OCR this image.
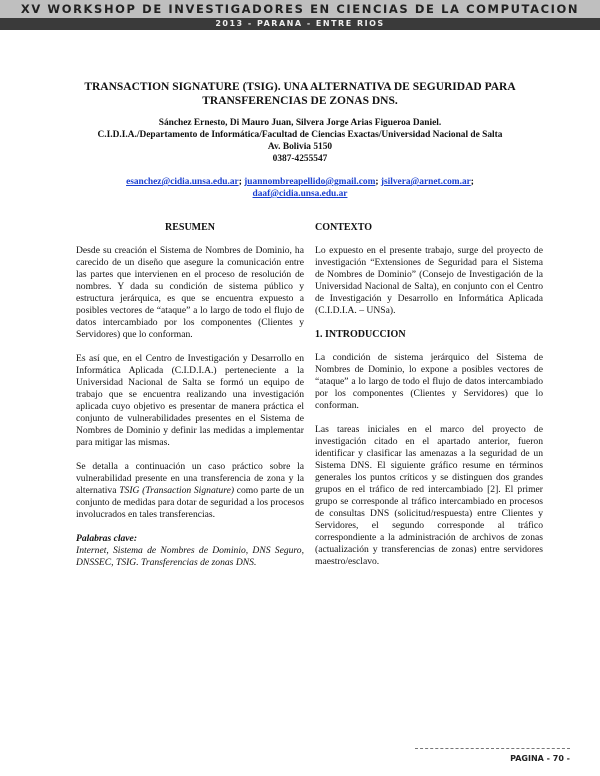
XV WORKSHOP DE INVESTIGADORES EN CIENCIAS DE LA COMPUTACION
2013 - PARANA - ENTRE RIOS
TRANSACTION SIGNATURE (TSIG). UNA ALTERNATIVA DE SEGURIDAD PARA
TRANSFERENCIAS DE ZONAS DNS.
Sánchez Ernesto, Di Mauro Juan, Silvera Jorge Arias Figueroa Daniel.
C.I.D.I.A./Departamento de Informática/Facultad de Ciencias Exactas/Universidad Nacional de Salta
Av. Bolivia 5150
0387-4255547
esanchez@cidia.unsa.edu.ar; juannombreapellido@gmail.com; jsilvera@arnet.com.ar;
daaf@cidia.unsa.edu.ar
RESUMEN

Desde su creación el Sistema de Nombres de Dominio, ha carecido de un diseño que asegure la comunicación entre las partes que intervienen en el proceso de resolución de nombres. Y dada su condición de sistema público y estructura jerárquica, es que se encuentra expuesto a posibles vectores de “ataque” a lo largo de todo el flujo de datos intercambiado por los componentes (Clientes y Servidores) que lo conforman.

Es así que, en el Centro de Investigación y Desarrollo en Informática Aplicada (C.I.D.I.A.) perteneciente a la Universidad Nacional de Salta se formó un equipo de trabajo que se encuentra realizando una investigación aplicada cuyo objetivo es presentar de manera práctica el conjunto de vulnerabilidades presentes en el Sistema de Nombres de Dominio y definir las medidas a implementar para mitigar las mismas.

Se detalla a continuación un caso práctico sobre la vulnerabilidad presente en una transferencia de zona y la alternativa TSIG (Transaction Signature) como parte de un conjunto de medidas para dotar de seguridad a los procesos involucrados en tales transferencias.

Palabras clave:
Internet, Sistema de Nombres de Dominio, DNS Seguro, DNSSEC, TSIG. Transferencias de zonas DNS.
CONTEXTO

Lo expuesto en el presente trabajo, surge del proyecto de investigación “Extensiones de Seguridad para el Sistema de Nombres de Dominio” (Consejo de Investigación de la Universidad Nacional de Salta), en conjunto con el Centro de Investigación y Desarrollo en Informática Aplicada (C.I.D.I.A. – UNSa).

1. INTRODUCCION

La condición de sistema jerárquico del Sistema de Nombres de Dominio, lo expone a posibles vectores de “ataque” a lo largo de todo el flujo de datos intercambiado por los componentes (Clientes y Servidores) que lo conforman.

Las tareas iniciales en el marco del proyecto de investigación citado en el apartado anterior, fueron identificar y clasificar las amenazas a la seguridad de un Sistema DNS. El siguiente gráfico resume en términos generales los puntos críticos y se distinguen dos grandes grupos en el tráfico de red intercambiado [2]. El primer grupo se corresponde al tráfico intercambiado en procesos de consultas DNS (solicitud/respuesta) entre Clientes y Servidores, el segundo corresponde al tráfico correspondiente a la administración de archivos de zonas (actualización y transferencias de zonas) entre servidores maestro/esclavo.

PAGINA - 70 -
